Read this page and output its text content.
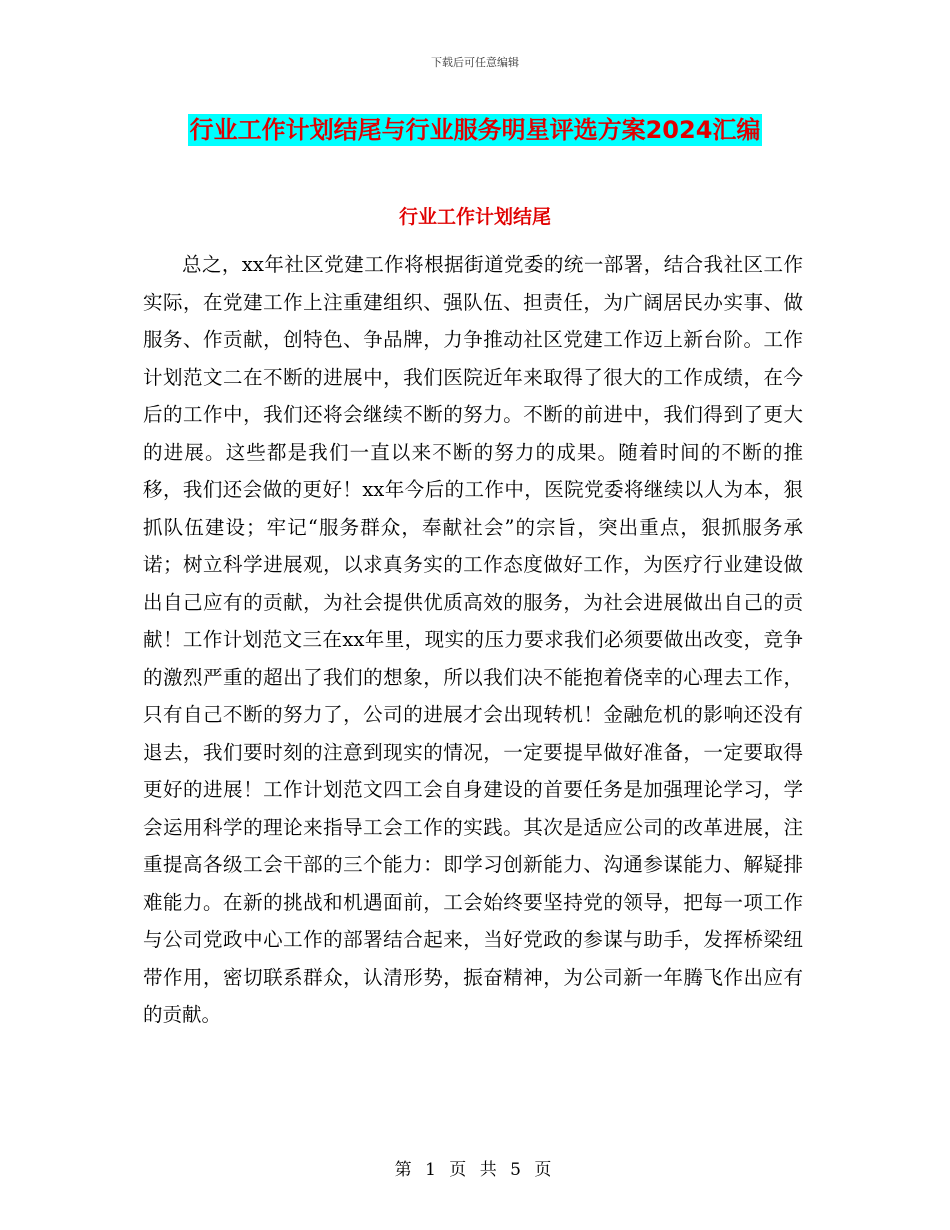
下载后可任意编辑
行业工作计划结尾与行业服务明星评选方案2024汇编
行业工作计划结尾

总之，xx年社区党建工作将根据街道党委的统一部署，结合我社区工作实际，在党建工作上注重建组织、强队伍、担责任，为广阔居民办实事、做服务、作贡献，创特色、争品牌，力争推动社区党建工作迈上新台阶。工作计划范文二在不断的进展中，我们医院近年来取得了很大的工作成绩，在今后的工作中，我们还将会继续不断的努力。不断的前进中，我们得到了更大的进展。这些都是我们一直以来不断的努力的成果。随着时间的不断的推移，我们还会做的更好！xx年今后的工作中，医院党委将继续以人为本，狠抓队伍建设；牢记“服务群众，奉献社会”的宗旨，突出重点，狠抓服务承诺；树立科学进展观，以求真务实的工作态度做好工作，为医疗行业建设做出自己应有的贡献，为社会提供优质高效的服务，为社会进展做出自己的贡献！工作计划范文三在xx年里，现实的压力要求我们必须要做出改变，竞争的激烈严重的超出了我们的想象，所以我们决不能抱着侥幸的心理去工作，只有自己不断的努力了，公司的进展才会出现转机！金融危机的影响还没有退去，我们要时刻的注意到现实的情况，一定要提早做好准备，一定要取得更好的进展！工作计划范文四工会自身建设的首要任务是加强理论学习，学会运用科学的理论来指导工会工作的实践。其次是适应公司的改革进展，注重提高各级工会干部的三个能力：即学习创新能力、沟通参谋能力、解疑排难能力。在新的挑战和机遇面前，工会始终要坚持党的领导，把每一项工作与公司党政中心工作的部署结合起来，当好党政的参谋与助手，发挥桥梁纽带作用，密切联系群众，认清形势，振奋精神，为公司新一年腾飞作出应有的贡献。

第 1 页 共 5 页
